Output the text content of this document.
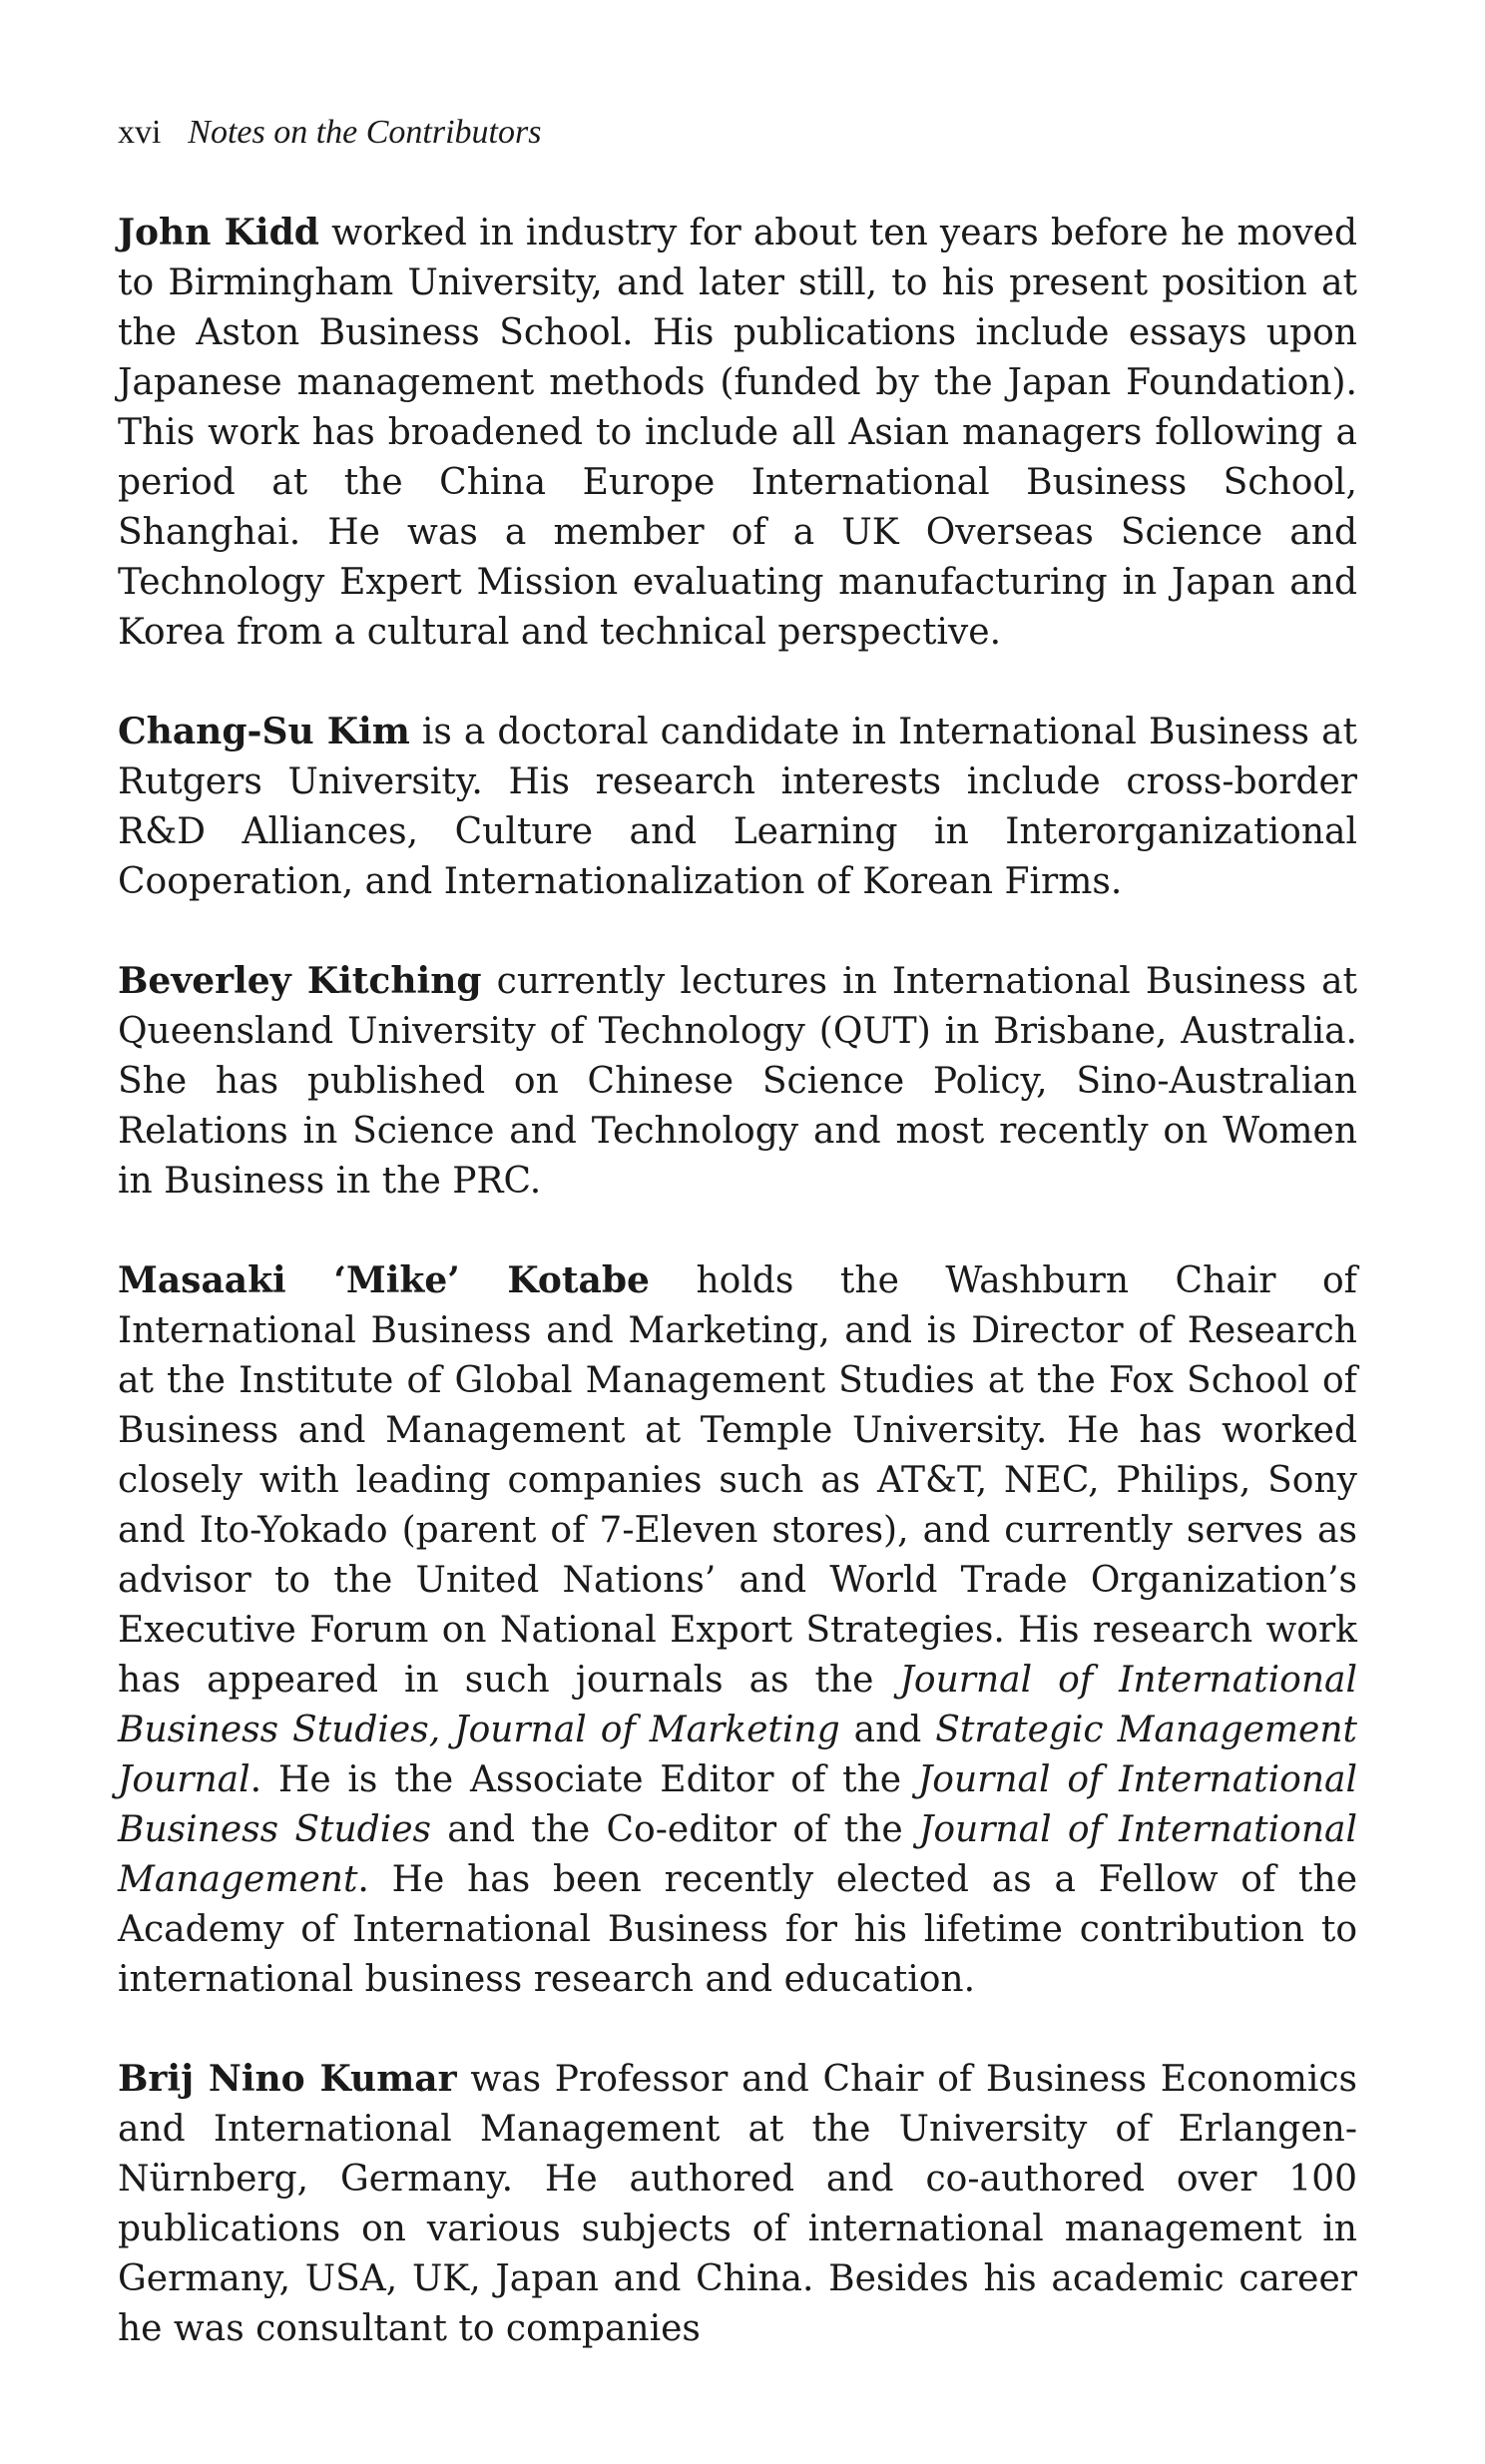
xvi Notes on the Contributors

John Kidd worked in industry for about ten years before he moved to Birmingham University, and later still, to his present position at the Aston Business School. His publications include essays upon Japanese management methods (funded by the Japan Foundation). This work has broadened to include all Asian managers following a period at the China Europe International Business School, Shanghai. He was a member of a UK Overseas Science and Technology Expert Mission evaluating manufacturing in Japan and Korea from a cultural and technical perspective.

Chang-Su Kim is a doctoral candidate in International Business at Rutgers University. His research interests include cross-border R&D Alliances, Culture and Learning in Interorganizational Cooperation, and Internationalization of Korean Firms.

Beverley Kitching currently lectures in International Business at Queensland University of Technology (QUT) in Brisbane, Australia. She has published on Chinese Science Policy, Sino-Australian Relations in Science and Technology and most recently on Women in Business in the PRC.

Masaaki ‘Mike’ Kotabe holds the Washburn Chair of International Business and Marketing, and is Director of Research at the Institute of Global Management Studies at the Fox School of Business and Management at Temple University. He has worked closely with leading companies such as AT&T, NEC, Philips, Sony and Ito-Yokado (parent of 7-Eleven stores), and currently serves as advisor to the United Nations’ and World Trade Organization’s Executive Forum on National Export Strategies. His research work has appeared in such journals as the Journal of International Business Studies, Journal of Marketing and Strategic Management Journal. He is the Associate Editor of the Journal of International Business Studies and the Co-editor of the Journal of International Management. He has been recently elected as a Fellow of the Academy of International Business for his lifetime contribution to international business research and education.

Brij Nino Kumar was Professor and Chair of Business Economics and International Management at the University of Erlangen-Nürnberg, Germany. He authored and co-authored over 100 publications on various subjects of international management in Germany, USA, UK, Japan and China. Besides his academic career he was consultant to companies
